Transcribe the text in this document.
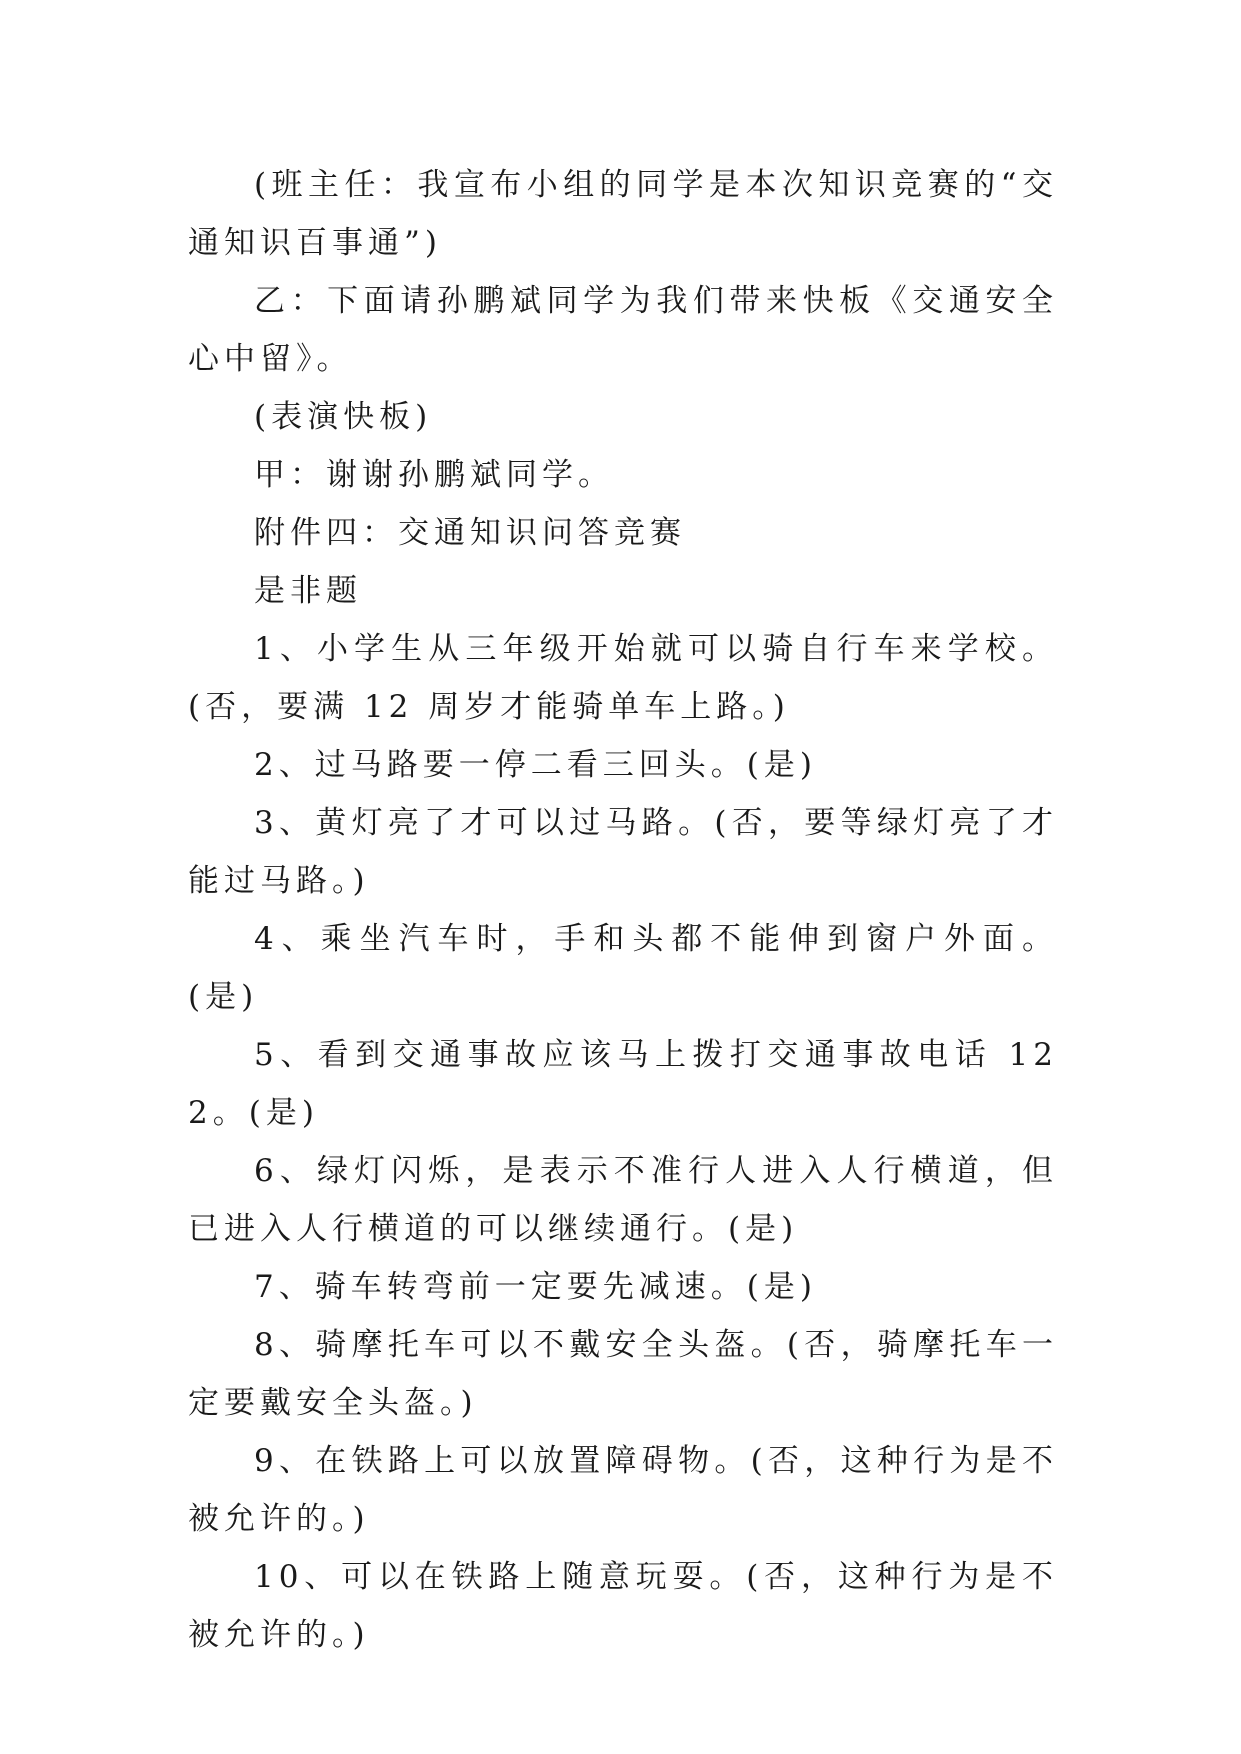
(班主任：我宣布小组的同学是本次知识竞赛的“交通知识百事通”)

乙：下面请孙鹏斌同学为我们带来快板《交通安全心中留》。

(表演快板)

甲：谢谢孙鹏斌同学。

附件四：交通知识问答竞赛

是非题

1、小学生从三年级开始就可以骑自行车来学校。(否，要满 12 周岁才能骑单车上路。)

2、过马路要一停二看三回头。(是)

3、黄灯亮了才可以过马路。(否，要等绿灯亮了才能过马路。)

4、乘坐汽车时，手和头都不能伸到窗户外面。(是)

5、看到交通事故应该马上拨打交通事故电话 122。(是)

6、绿灯闪烁，是表示不准行人进入人行横道，但已进入人行横道的可以继续通行。(是)

7、骑车转弯前一定要先减速。(是)

8、骑摩托车可以不戴安全头盔。(否，骑摩托车一定要戴安全头盔。)

9、在铁路上可以放置障碍物。(否，这种行为是不被允许的。)

10、可以在铁路上随意玩耍。(否，这种行为是不被允许的。)
